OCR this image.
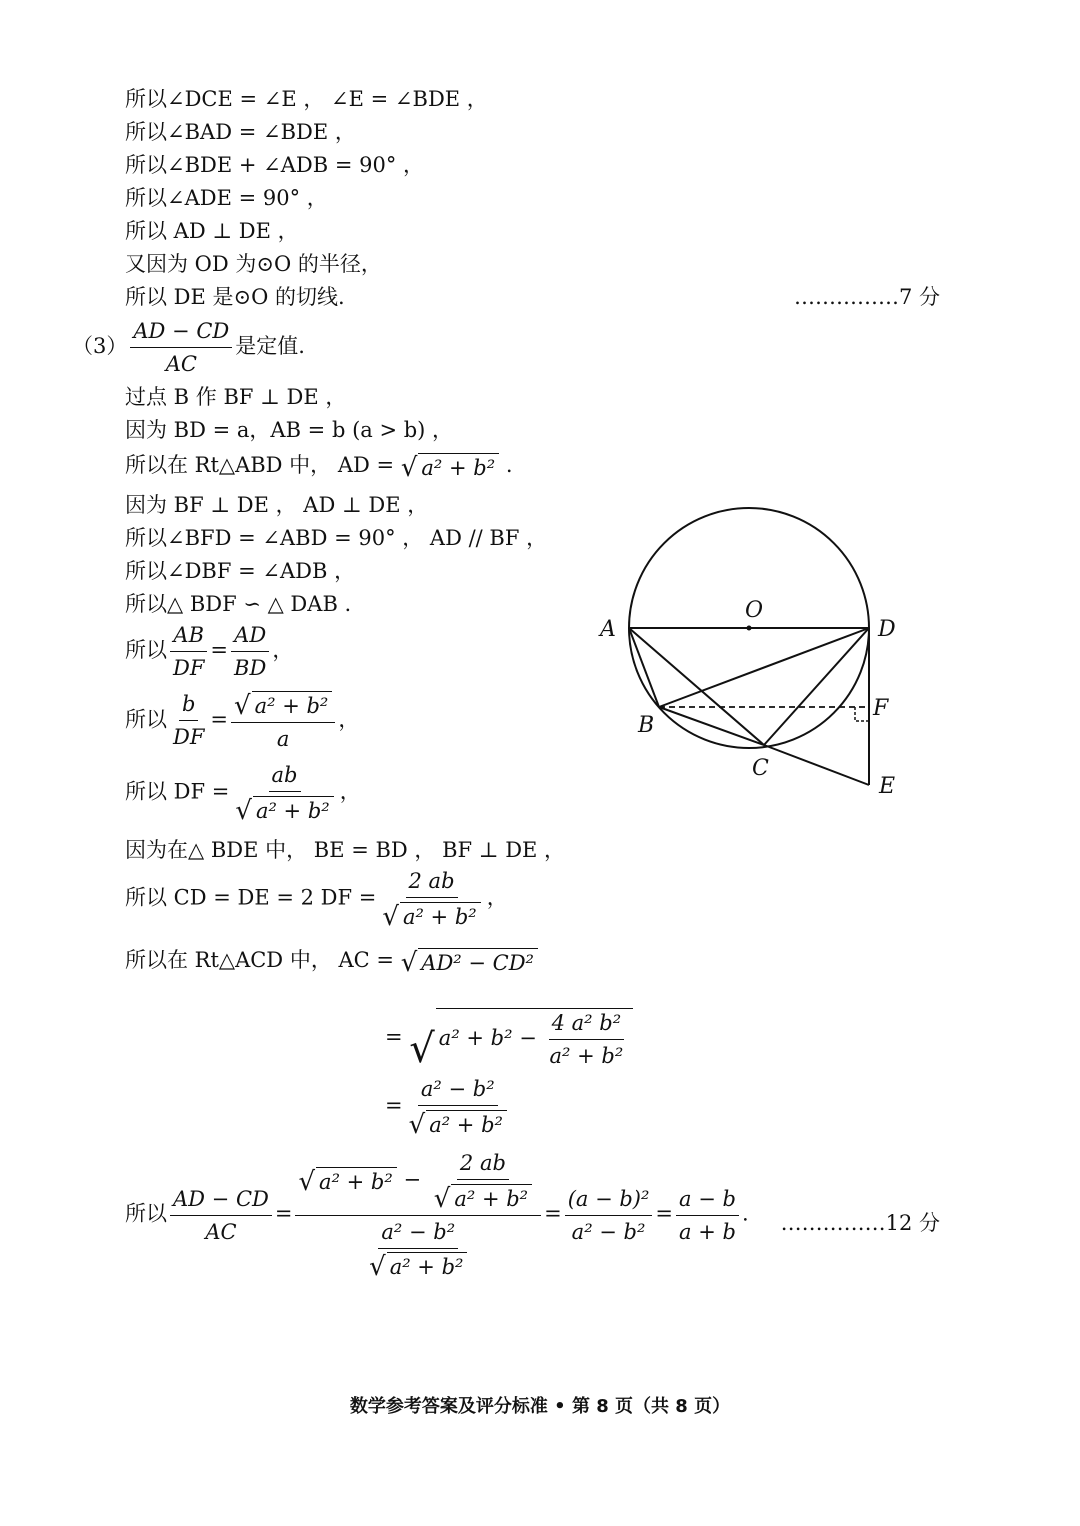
所以∠DCE = ∠E ， ∠E = ∠BDE ，
所以∠BAD = ∠BDE ，
所以∠BDE + ∠ADB = 90° ，
所以∠ADE = 90° ，
所以 AD ⊥ DE ，
又因为 OD 为⊙O 的半径，
所以 DE 是⊙O 的切线.	……………7 分
$(3) \frac{AD - CD}{AC}$ 是定值.
过点 B 作 BF ⊥ DE ，
因为 BD = a，AB = b (a > b) ，
所以在 Rt△ABD 中， AD = √ a² + b² .
因为 BF ⊥ DE ， AD ⊥ DE ，
所以∠BFD = ∠ABD = 90° ， AD // BF ，
所以∠DBF = ∠ADB ，
所以△ BDF ∽ △ DAB .
所以 $\frac{AB}{DF} = \frac{AD}{BD}$ ，
所以 $\frac{b}{DF} = \frac{\text{√ a² + b²}}{a}$ ，
所以 DF = $\frac{ab}{\text{√ a² + b²}}$ ，
因为在△ BDE 中， BE = BD ， BF ⊥ DE ，
所以 CD = DE = 2 DF = $\frac{2 ab}{\text{√ a² + b²}}$ ，
所以在 Rt△ACD 中， AC = √ AD² − CD²
= √ $a^2 + b^2 - \frac{\text{4 a² b²}}{\text{a² + b²}}$
= $\frac{\text{a² − b²}}{\text{√ a² + b²}}$
所以 $\frac{AD - CD}{AC} = \frac{√ a^2 + b^2 - \frac{2 ab}{\text{√ a² + b²}}}{\frac{\text{a² − b²}}{\text{√ a² + b²}}} = \frac{\text{(a − b)²}}{\text{a² − b²}} = \frac{a - b}{a + b}$ . ……………12 分
O
A	D
F
B
C
E
数学参考答案及评分标准 • 第 8 页（共 8 页）
